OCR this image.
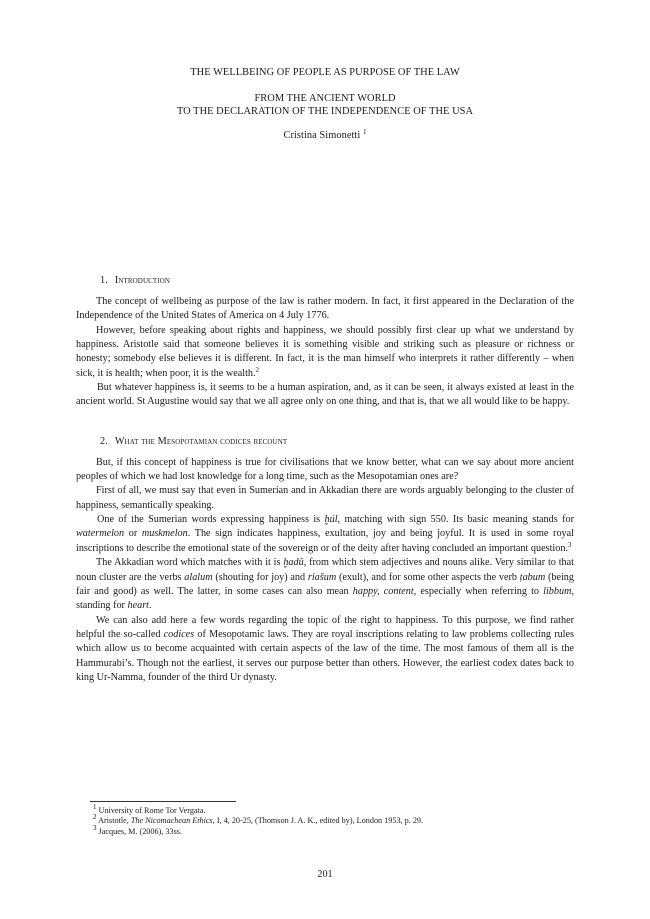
THE WELLBEING OF PEOPLE AS PURPOSE OF THE LAW
FROM THE ANCIENT WORLD
TO THE DECLARATION OF THE INDEPENDENCE OF THE USA
Cristina Simonetti $^1$
1. Introduction

The concept of wellbeing as purpose of the law is rather modern. In fact, it first appeared in the Declaration of the Independence of the United States of America on 4 July 1776.

However, before speaking about rights and happiness, we should possibly first clear up what we understand by happiness. Aristotle said that someone believes it is something visible and striking such as pleasure or richness or honesty; somebody else believes it is different. In fact, it is the man himself who interprets it rather differently – when sick, it is health; when poor, it is the wealth.$^2$

But whatever happiness is, it seems to be a human aspiration, and, as it can be seen, it always existed at least in the ancient world. St Augustine would say that we all agree only on one thing, and that is, that we all would like to be happy.

2. What the Mesopotamian codices recount

But, if this concept of happiness is true for civilisations that we know better, what can we say about more ancient peoples of which we had lost knowledge for a long time, such as the Mesopotamian ones are?

First of all, we must say that even in Sumerian and in Akkadian there are words arguably belonging to the cluster of happiness, semantically speaking.

One of the Sumerian words expressing happiness is ḫúl, matching with sign 550. Its basic meaning stands for watermelon or muskmelon. The sign indicates happiness, exultation, joy and being joyful. It is used in some royal inscriptions to describe the emotional state of the sovereign or of the deity after having concluded an important question.$^3$

The Akkadian word which matches with it is ḫadû, from which stem adjectives and nouns alike. Very similar to that noun cluster are the verbs alalum (shouting for joy) and riašum (exult), and for some other aspects the verb ṭabum (being fair and good) as well. The latter, in some cases can also mean happy, content, especially when referring to libbum, standing for heart.

We can also add here a few words regarding the topic of the right to happiness. To this purpose, we find rather helpful the so-called codices of Mesopotamic laws. They are royal inscriptions relating to law problems collecting rules which allow us to become acquainted with certain aspects of the law of the time. The most famous of them all is the Hammurabi’s. Though not the earliest, it serves our purpose better than others. However, the earliest codex dates back to king Ur-Namma, founder of the third Ur dynasty.

$^1$ University of Rome Tor Vergata.
$^2$ Aristotle, The Nicomachean Ethics, I, 4, 20-25, (Thomson J. A. K., edited by), London 1953, p. 29.
$^3$ Jacques, M. (2006), 33ss.
201
